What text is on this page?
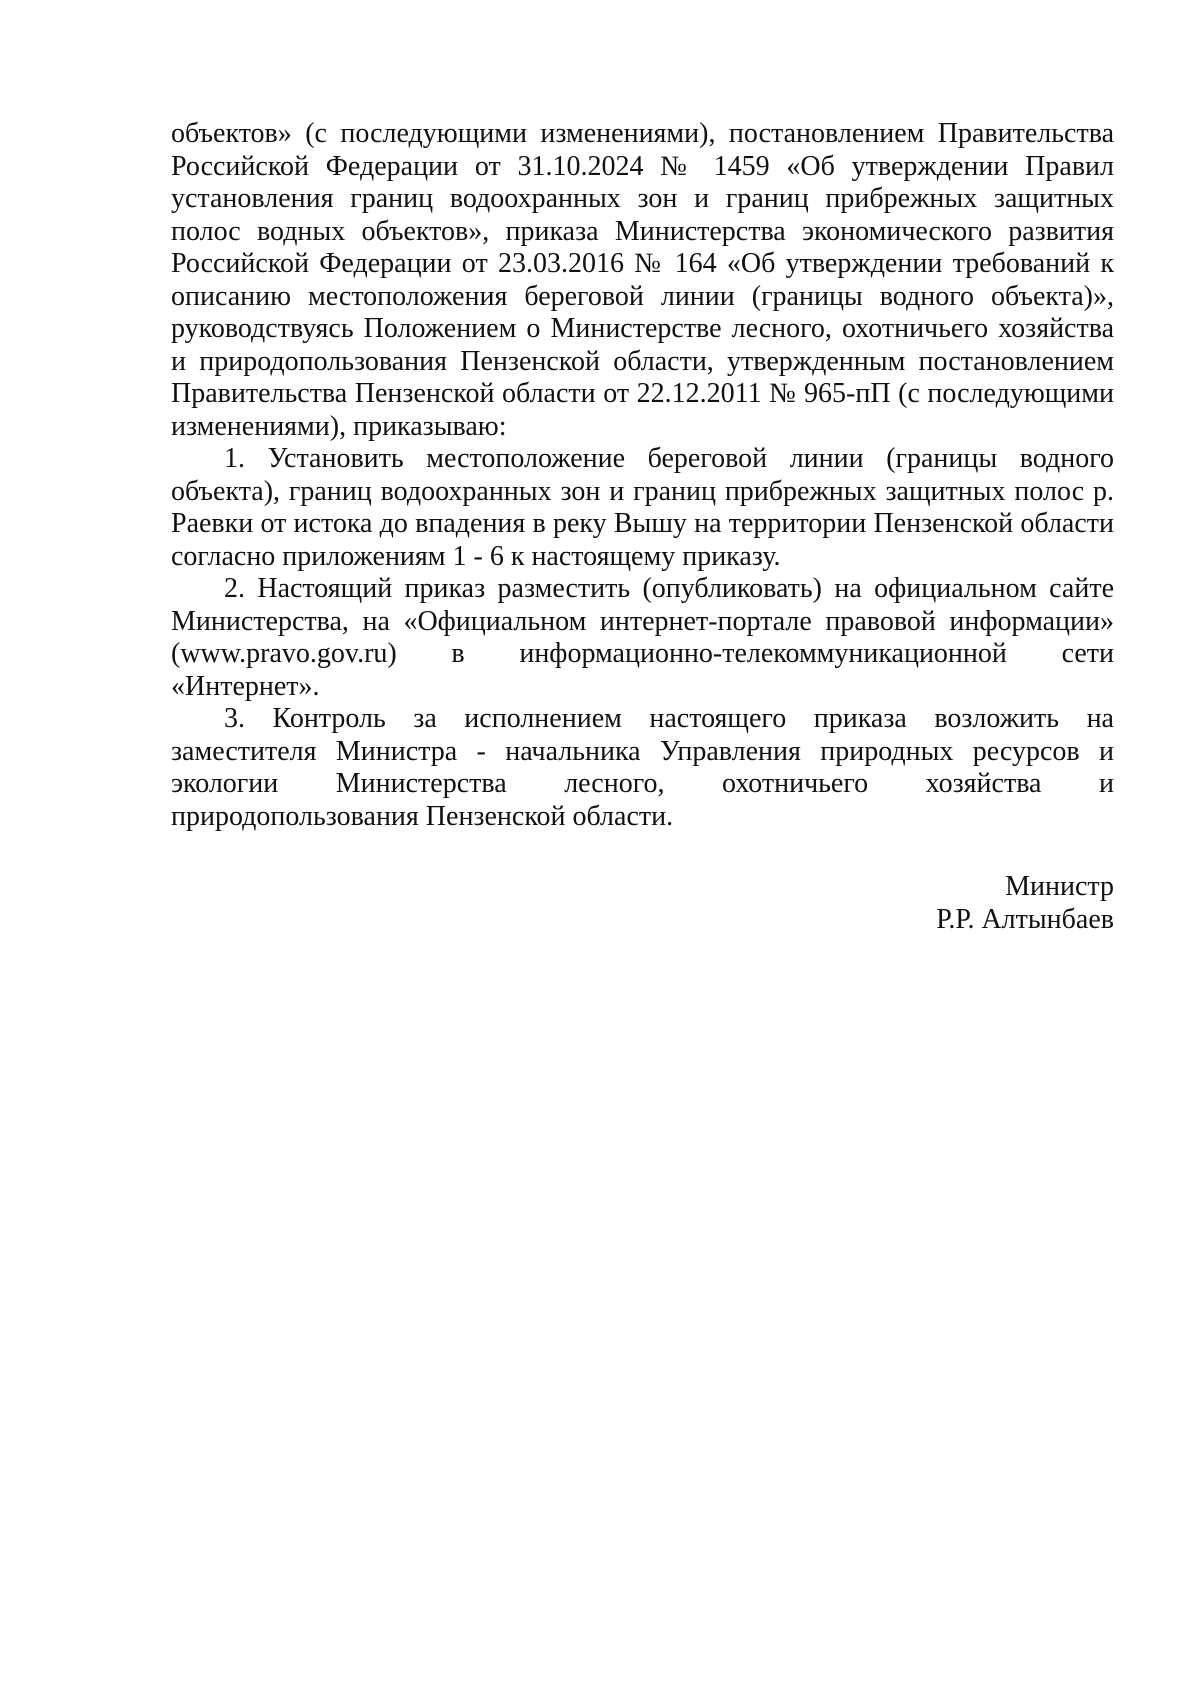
объектов» (с последующими изменениями), постановлением Правительства Российской Федерации от 31.10.2024 № 1459 «Об утверждении Правил установления границ водоохранных зон и границ прибрежных защитных полос водных объектов», приказа Министерства экономического развития Российской Федерации от 23.03.2016 № 164 «Об утверждении требований к описанию местоположения береговой линии (границы водного объекта)», руководствуясь Положением о Министерстве лесного, охотничьего хозяйства и природопользования Пензенской области, утвержденным постановлением Правительства Пензенской области от 22.12.2011 № 965-пП (с последующими изменениями), приказываю:

1. Установить местоположение береговой линии (границы водного объекта), границ водоохранных зон и границ прибрежных защитных полос р. Раевки от истока до впадения в реку Вышу на территории Пензенской области согласно приложениям 1 - 6 к настоящему приказу.

2. Настоящий приказ разместить (опубликовать) на официальном сайте Министерства, на «Официальном интернет-портале правовой информации» (www.pravo.gov.ru) в информационно-телекоммуникационной сети «Интернет».

3. Контроль за исполнением настоящего приказа возложить на заместителя Министра - начальника Управления природных ресурсов и экологии Министерства лесного, охотничьего хозяйства и природопользования Пензенской области.

Министр
Р.Р. Алтынбаев
